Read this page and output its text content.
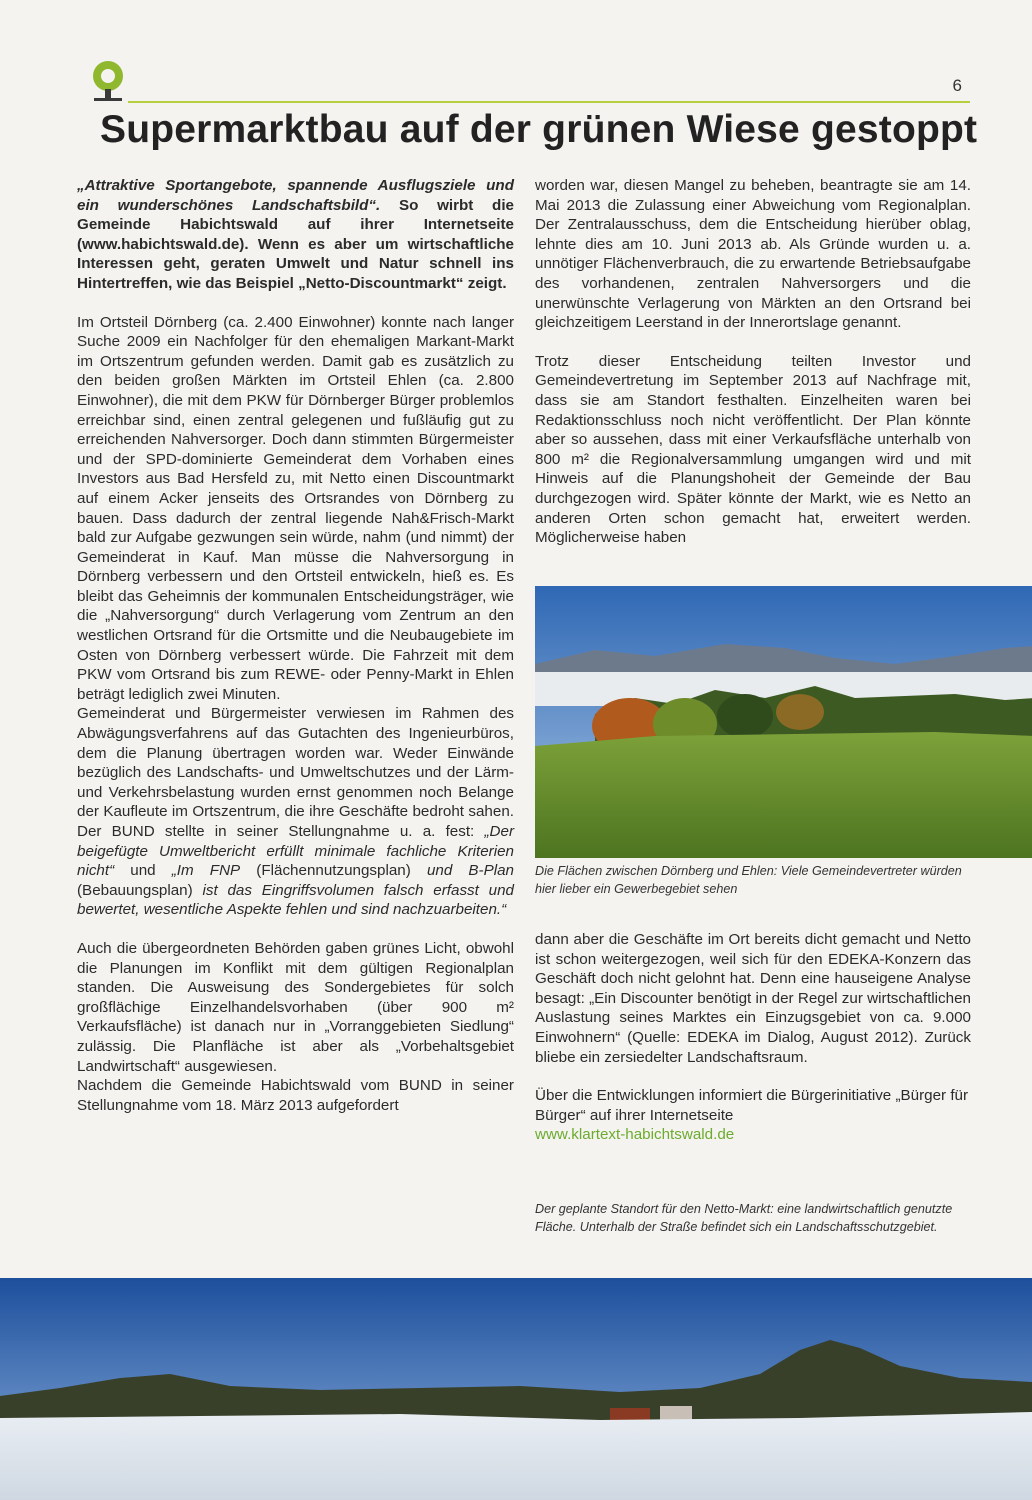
6
Supermarktbau auf der grünen Wiese gestoppt

„Attraktive Sportangebote, spannende Ausflugsziele und ein wunderschönes Landschaftsbild“. So wirbt die Gemeinde Habichtswald auf ihrer Internetseite (www.habichtswald.de). Wenn es aber um wirtschaftliche Interessen geht, geraten Umwelt und Natur schnell ins Hintertreffen, wie das Beispiel „Netto-Discountmarkt“ zeigt.

Im Ortsteil Dörnberg (ca. 2.400 Einwohner) konnte nach langer Suche 2009 ein Nachfolger für den ehemaligen Markant-Markt im Ortszentrum gefunden werden. Damit gab es zusätzlich zu den beiden großen Märkten im Ortsteil Ehlen (ca. 2.800 Einwohner), die mit dem PKW für Dörnberger Bürger problemlos erreichbar sind, einen zentral gelegenen und fußläufig gut zu erreichenden Nahversorger. Doch dann stimmten Bürgermeister und der SPD-dominierte Gemeinderat dem Vorhaben eines Investors aus Bad Hersfeld zu, mit Netto einen Discountmarkt auf einem Acker jenseits des Ortsrandes von Dörnberg zu bauen. Dass dadurch der zentral liegende Nah&Frisch-Markt bald zur Aufgabe gezwungen sein würde, nahm (und nimmt) der Gemeinderat in Kauf. Man müsse die Nahversorgung in Dörnberg verbessern und den Ortsteil entwickeln, hieß es. Es bleibt das Geheimnis der kommunalen Entscheidungsträger, wie die „Nahversorgung“ durch Verlagerung vom Zentrum an den westlichen Ortsrand für die Ortsmitte und die Neubaugebiete im Osten von Dörnberg verbessert würde. Die Fahrzeit mit dem PKW vom Ortsrand bis zum REWE- oder Penny-Markt in Ehlen beträgt lediglich zwei Minuten.

Gemeinderat und Bürgermeister verwiesen im Rahmen des Abwägungsverfahrens auf das Gutachten des Ingenieurbüros, dem die Planung übertragen worden war. Weder Einwände bezüglich des Landschafts- und Umweltschutzes und der Lärm- und Verkehrsbelastung wurden ernst genommen noch Belange der Kaufleute im Ortszentrum, die ihre Geschäfte bedroht sahen. Der BUND stellte in seiner Stellungnahme u. a. fest: „Der beigefügte Umweltbericht erfüllt minimale fachliche Kriterien nicht“ und „Im FNP (Flächennutzungsplan) und B-Plan (Bebauungsplan) ist das Eingriffsvolumen falsch erfasst und bewertet, wesentliche Aspekte fehlen und sind nachzuarbeiten.“

Auch die übergeordneten Behörden gaben grünes Licht, obwohl die Planungen im Konflikt mit dem gültigen Regionalplan standen. Die Ausweisung des Sondergebietes für solch großflächige Einzelhandelsvorhaben (über 900 m² Verkaufsfläche) ist danach nur in „Vorranggebieten Siedlung“ zulässig. Die Planfläche ist aber als „Vorbehaltsgebiet Landwirtschaft“ ausgewiesen.

Nachdem die Gemeinde Habichtswald vom BUND in seiner Stellungnahme vom 18. März 2013 aufgefordert

worden war, diesen Mangel zu beheben, beantragte sie am 14. Mai 2013 die Zulassung einer Abweichung vom Regionalplan. Der Zentralausschuss, dem die Entscheidung hierüber oblag, lehnte dies am 10. Juni 2013 ab. Als Gründe wurden u. a. unnötiger Flächenverbrauch, die zu erwartende Betriebsaufgabe des vorhandenen, zentralen Nahversorgers und die unerwünschte Verlagerung von Märkten an den Ortsrand bei gleichzeitigem Leerstand in der Innerortslage genannt.

Trotz dieser Entscheidung teilten Investor und Gemeindevertretung im September 2013 auf Nachfrage mit, dass sie am Standort festhalten. Einzelheiten waren bei Redaktionsschluss noch nicht veröffentlicht. Der Plan könnte aber so aussehen, dass mit einer Verkaufsfläche unterhalb von 800 m² die Regionalversammlung umgangen wird und mit Hinweis auf die Planungshoheit der Gemeinde der Bau durchgezogen wird. Später könnte der Markt, wie es Netto an anderen Orten schon gemacht hat, erweitert werden. Möglicherweise haben

Die Flächen zwischen Dörnberg und Ehlen: Viele Gemeindevertreter würden hier lieber ein Gewerbegebiet sehen

dann aber die Geschäfte im Ort bereits dicht gemacht und Netto ist schon weitergezogen, weil sich für den EDEKA-Konzern das Geschäft doch nicht gelohnt hat. Denn eine hauseigene Analyse besagt: „Ein Discounter benötigt in der Regel zur wirtschaftlichen Auslastung seines Marktes ein Einzugsgebiet von ca. 9.000 Einwohnern“ (Quelle: EDEKA im Dialog, August 2012). Zurück bliebe ein zersiedelter Landschaftsraum.

Über die Entwicklungen informiert die Bürgerinitiative „Bürger für Bürger“ auf ihrer Internetseite

www.klartext-habichtswald.de

Der geplante Standort für den Netto-Markt: eine landwirtschaftlich genutzte Fläche. Unterhalb der Straße befindet sich ein Landschaftsschutzgebiet.
